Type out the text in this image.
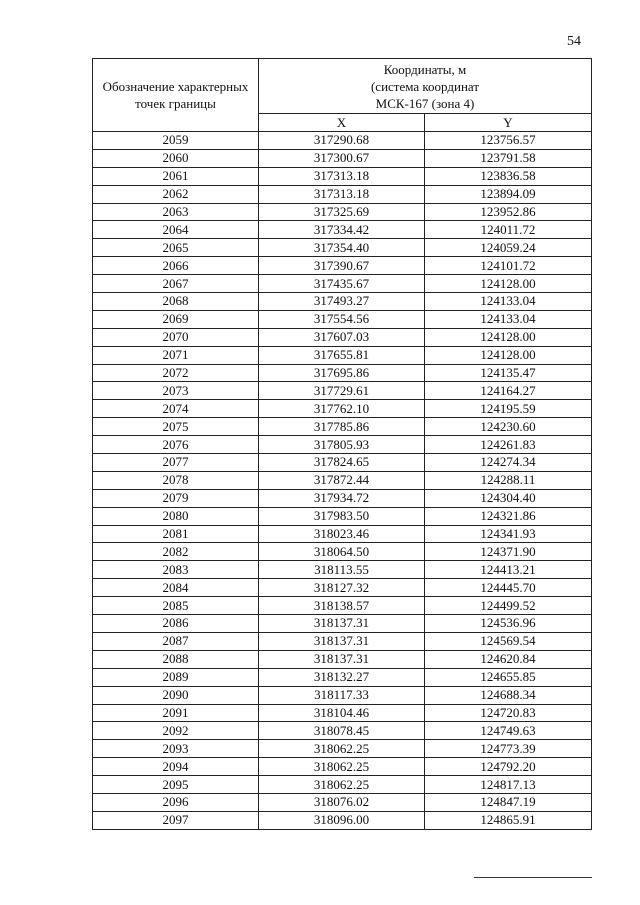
54
Обозначение характерных точек границы	Координаты, м
(система координат
МСК-167 (зона 4)	

	X	Y
2059	317290.68	123756.57
2060	317300.67	123791.58
2061	317313.18	123836.58
2062	317313.18	123894.09
2063	317325.69	123952.86
2064	317334.42	124011.72
2065	317354.40	124059.24
2066	317390.67	124101.72
2067	317435.67	124128.00
2068	317493.27	124133.04
2069	317554.56	124133.04
2070	317607.03	124128.00
2071	317655.81	124128.00
2072	317695.86	124135.47
2073	317729.61	124164.27
2074	317762.10	124195.59
2075	317785.86	124230.60
2076	317805.93	124261.83
2077	317824.65	124274.34
2078	317872.44	124288.11
2079	317934.72	124304.40
2080	317983.50	124321.86
2081	318023.46	124341.93
2082	318064.50	124371.90
2083	318113.55	124413.21
2084	318127.32	124445.70
2085	318138.57	124499.52
2086	318137.31	124536.96
2087	318137.31	124569.54
2088	318137.31	124620.84
2089	318132.27	124655.85
2090	318117.33	124688.34
2091	318104.46	124720.83
2092	318078.45	124749.63
2093	318062.25	124773.39
2094	318062.25	124792.20
2095	318062.25	124817.13
2096	318076.02	124847.19
2097	318096.00	124865.91
